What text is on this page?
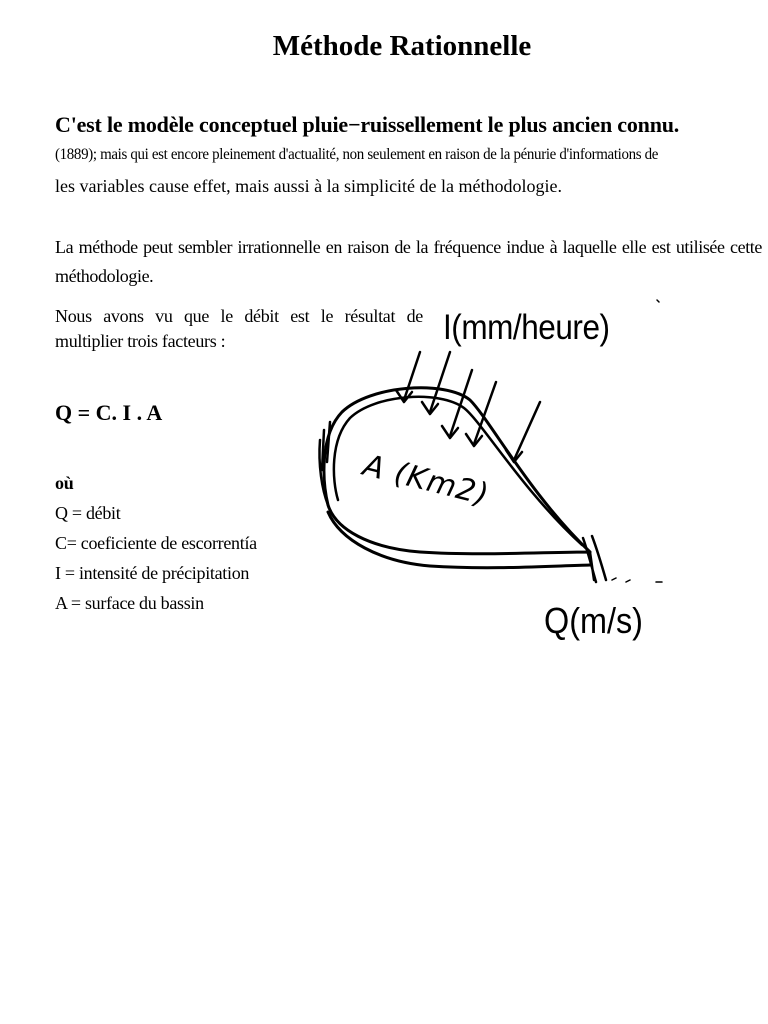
Méthode Rationnelle
C'est le modèle conceptuel pluie−ruissellement le plus ancien connu.
(1889); mais qui est encore pleinement d'actualité, non seulement en raison de la pénurie d'informations de
les variables cause effet, mais aussi à la simplicité de la méthodologie.
La méthode peut sembler irrationnelle en raison de la fréquence indue à laquelle elle est utilisée cette méthodologie.
Nous avons vu que le débit est le résultat de multiplier trois facteurs :
Q = C. I . A
où
Q = débit
C= coeficiente de escorrentía
I = intensité de précipitation
A = surface du bassin
I(mm/heure)
A (Km2)
Q(m/s)
